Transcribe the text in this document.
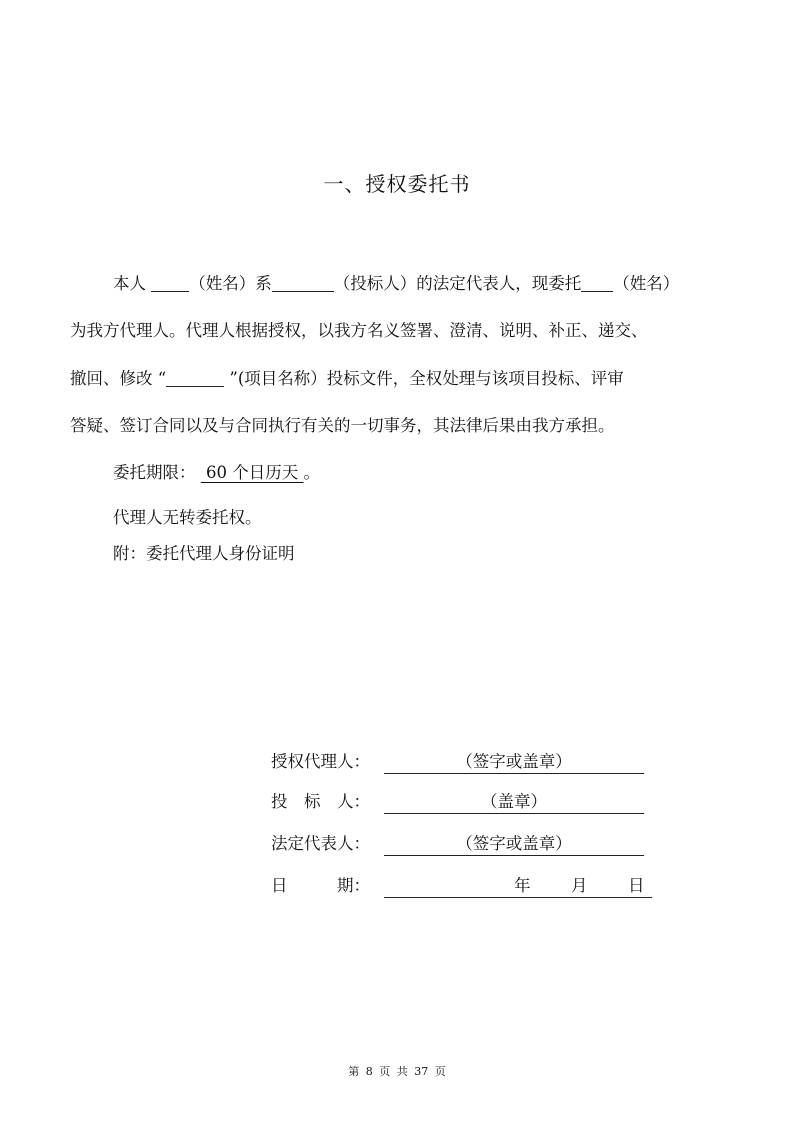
一、授权委托书
本人 （姓名）系	（投标人）的法定代表人，现委托 （姓名）
为我方代理人。代理人根据授权，以我方名义签署、澄清、说明、补正、递交、
撤回、修改 “	”(项目名称）投标文件，全权处理与该项目投标、评审
答疑、签订合同以及与合同执行有关的一切事务，其法律后果由我方承担。
委托期限：  60 个日历天 。
代理人无转委托权。
附：委托代理人身份证明
授权代理人：	（签字或盖章）
投　标　人：	（盖章）
法定代表人：	（签字或盖章）
日　　　期：	年 月 日
第 8 页 共 37 页
